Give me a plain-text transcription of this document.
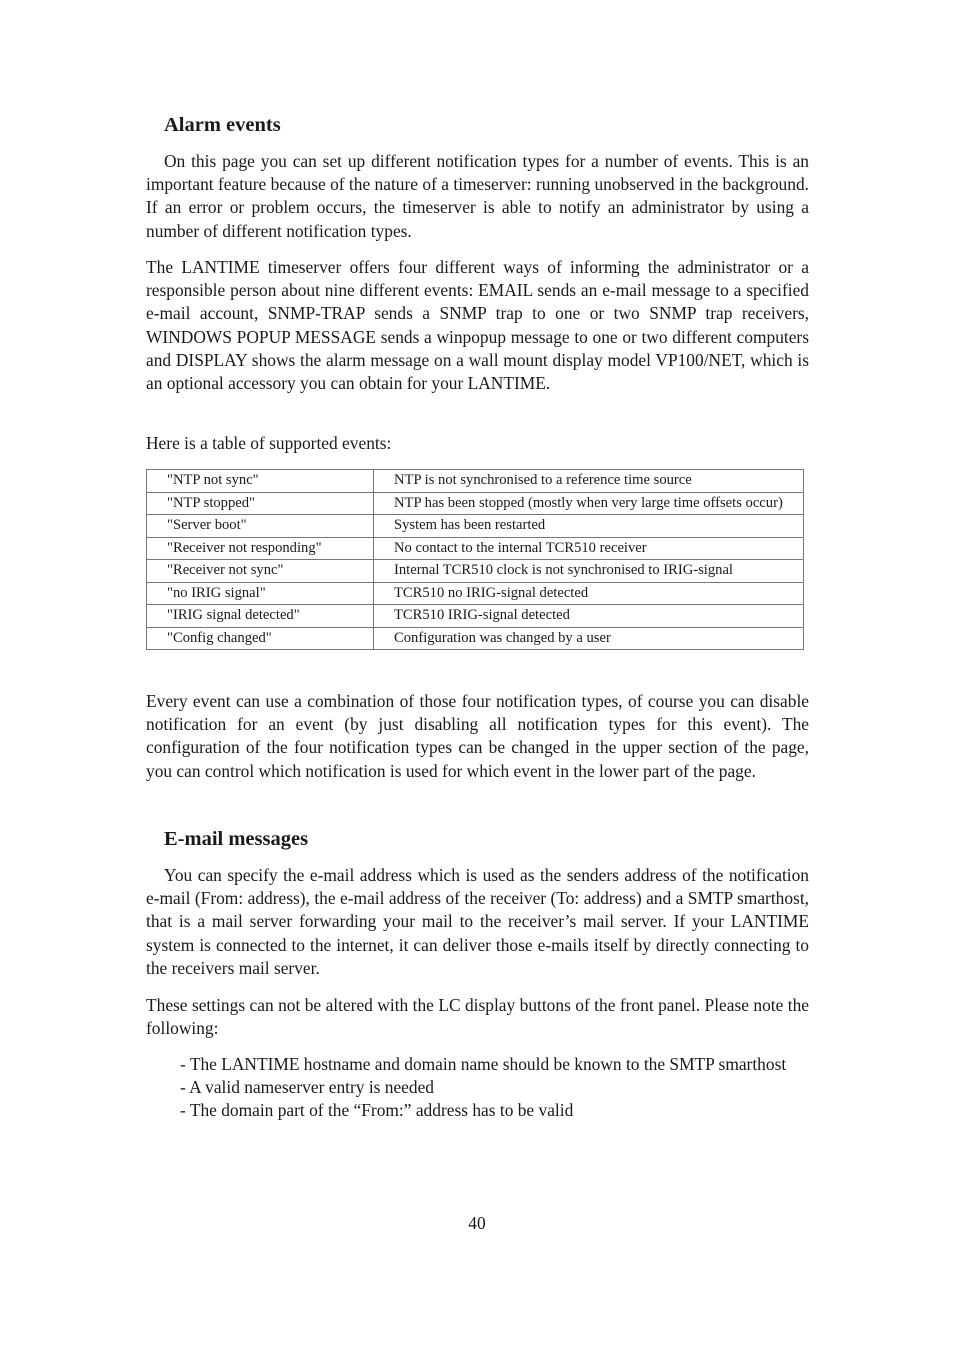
Alarm events

On this page you can set up different notification types for a number of events. This is an important feature because of the nature of a timeserver: running unobserved in the background. If an error or problem occurs, the timeserver is able to notify an administrator by using a number of different notification types.

The LANTIME timeserver offers four different ways of informing the administrator or a responsible person about nine different events: EMAIL sends an e-mail message to a specified e-mail account, SNMP-TRAP sends a SNMP trap to one or two SNMP trap receivers, WINDOWS POPUP MESSAGE sends a winpopup message to one or two different computers and DISPLAY shows the alarm message on a wall mount display model VP100/NET, which is an optional accessory you can obtain for your LANTIME.

Here is a table of supported events:

"NTP not sync"	NTP is not synchronised to a reference time source
"NTP stopped"	NTP has been stopped (mostly when very large time offsets occur)
"Server boot"	System has been restarted
"Receiver not responding"	No contact to the internal TCR510 receiver
"Receiver not sync"	Internal TCR510 clock is not synchronised to IRIG-signal
"no IRIG signal"	TCR510 no IRIG-signal detected
"IRIG signal detected"	TCR510 IRIG-signal detected
"Config changed"	Configuration was changed by a user

Every event can use a combination of those four notification types, of course you can disable notification for an event (by just disabling all notification types for this event). The configuration of the four notification types can be changed in the upper section of the page, you can control which notification is used for which event in the lower part of the page.

E-mail messages

You can specify the e-mail address which is used as the senders address of the notification e-mail (From: address), the e-mail address of the receiver (To: address) and a SMTP smarthost, that is a mail server forwarding your mail to the receiver’s mail server. If your LANTIME system is connected to the internet, it can deliver those e-mails itself by directly connecting to the receivers mail server.

These settings can not be altered with the LC display buttons of the front panel. Please note the following:

- The LANTIME hostname and domain name should be known to the SMTP smarthost
- A valid nameserver entry is needed
- The domain part of the “From:” address has to be valid
40
